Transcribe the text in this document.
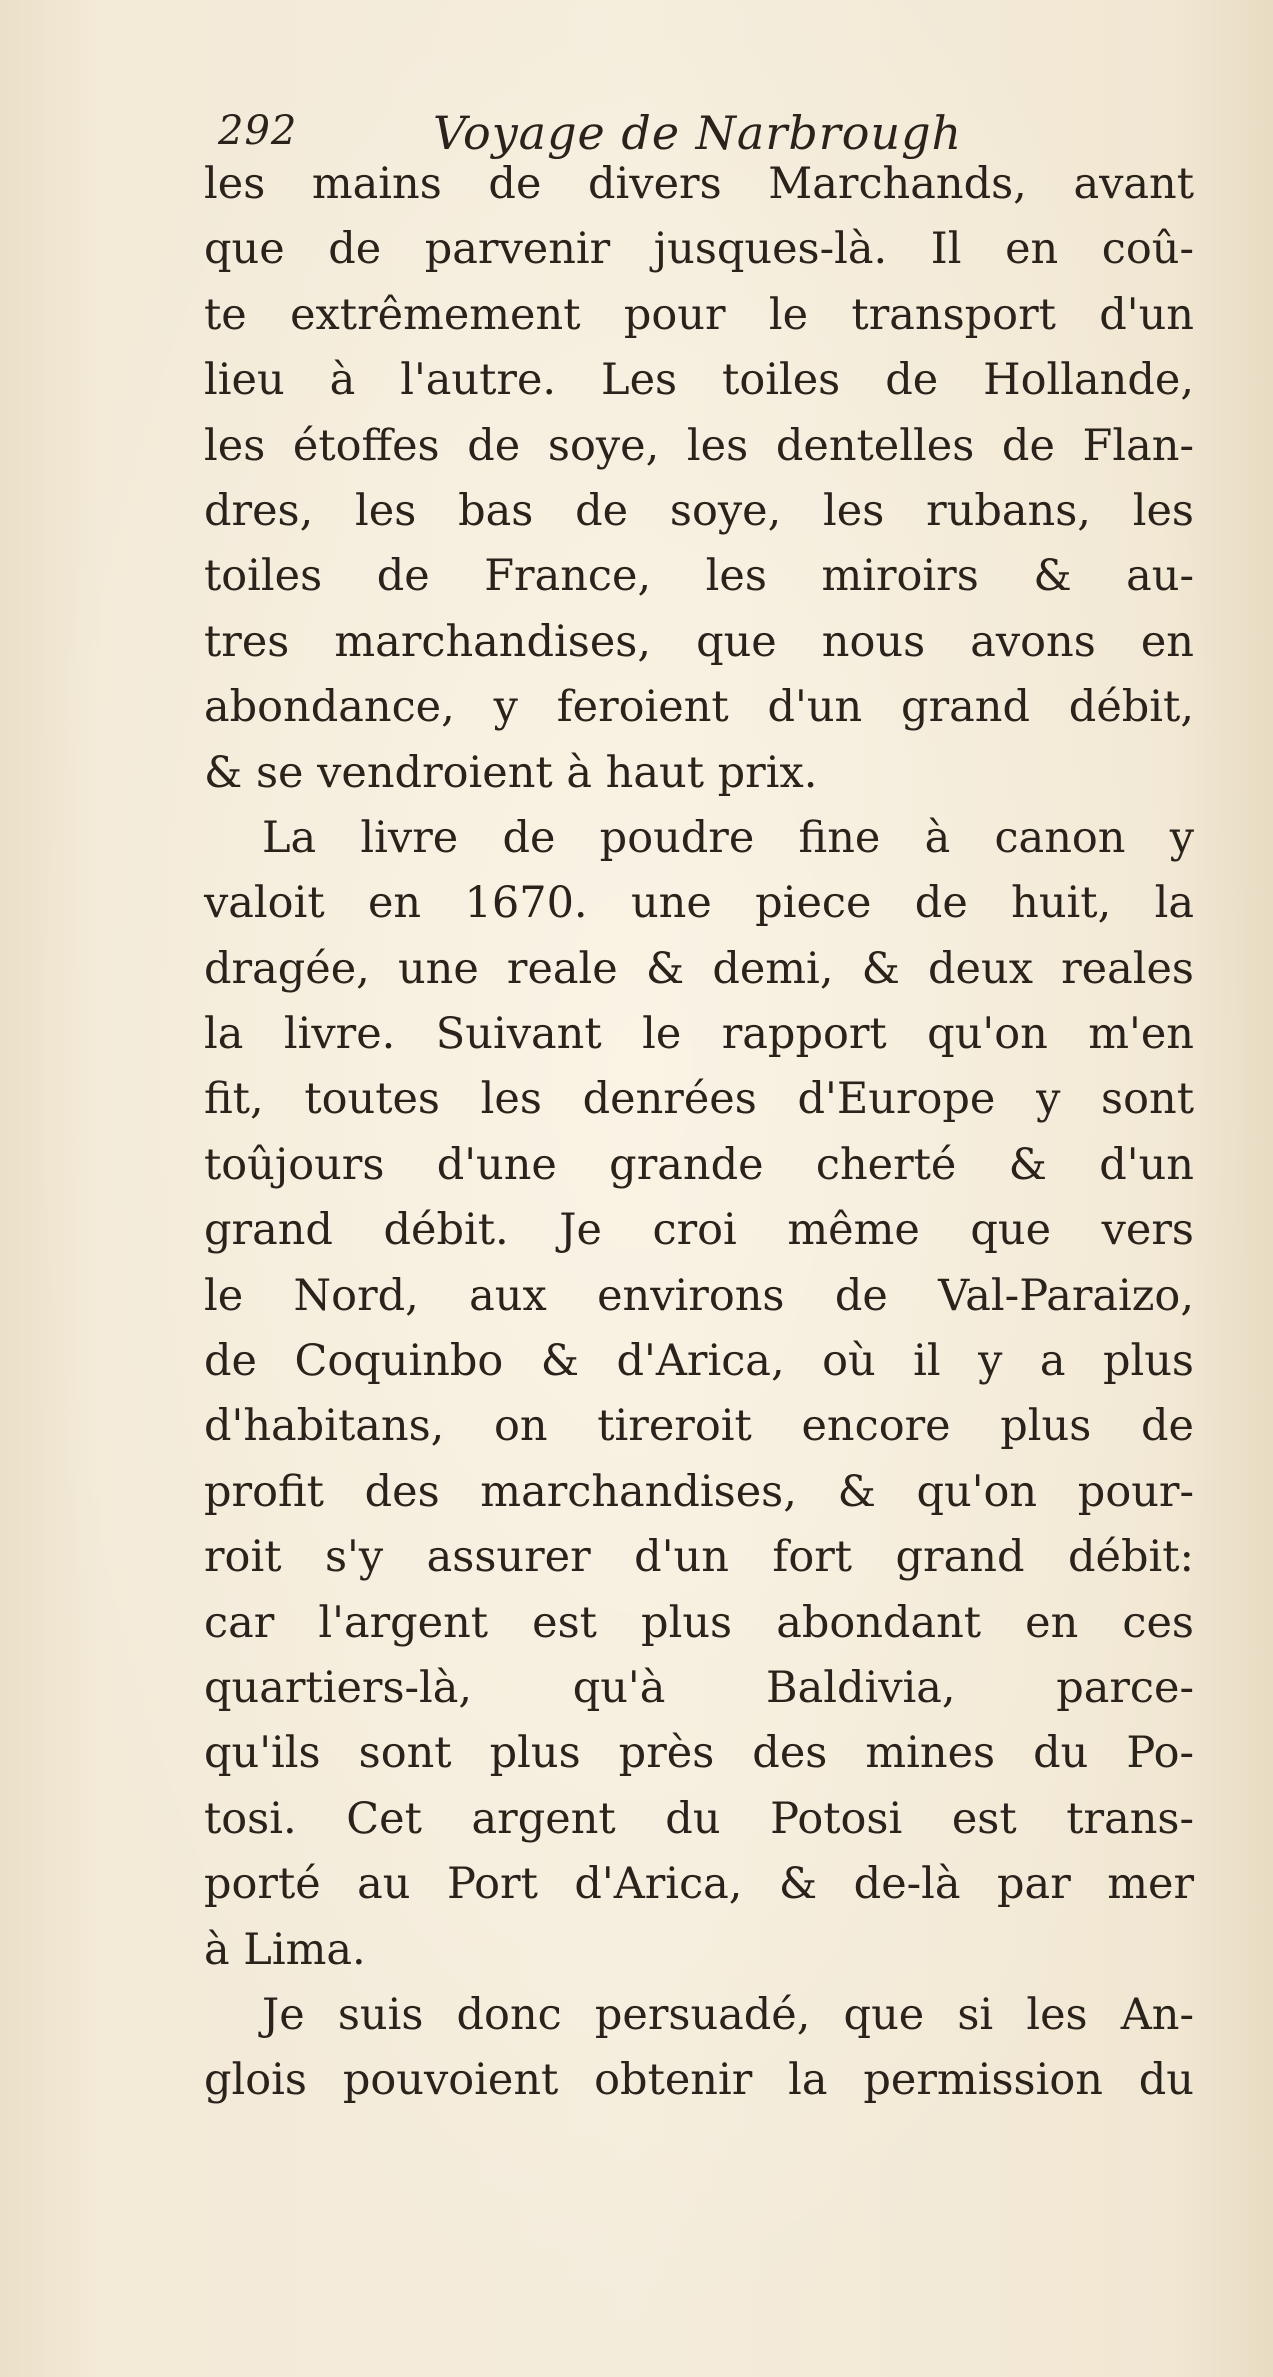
292	Voyage de Narbrough
les mains de divers Marchands, avant
que de parvenir jusques-là. Il en coû-
te extrêmement pour le transport d'un
lieu à l'autre. Les toiles de Hollande,
les étoffes de soye, les dentelles de Flan-
dres, les bas de soye, les rubans, les
toiles de France, les miroirs & au-
tres marchandises, que nous avons en
abondance, y feroient d'un grand débit,
& se vendroient à haut prix.
La livre de poudre fine à canon y
valoit en 1670. une piece de huit, la
dragée, une reale & demi, & deux reales
la livre. Suivant le rapport qu'on m'en
fit, toutes les denrées d'Europe y sont
toûjours d'une grande cherté & d'un
grand débit. Je croi même que vers
le Nord, aux environs de Val-Paraizo,
de Coquinbo & d'Arica, où il y a plus
d'habitans, on tireroit encore plus de
profit des marchandises, & qu'on pour-
roit s'y assurer d'un fort grand débit:
car l'argent est plus abondant en ces
quartiers-là, qu'à Baldivia, parce-
qu'ils sont plus près des mines du Po-
tosi. Cet argent du Potosi est trans-
porté au Port d'Arica, & de-là par mer
à Lima.
Je suis donc persuadé, que si les An-
glois pouvoient obtenir la permission du
